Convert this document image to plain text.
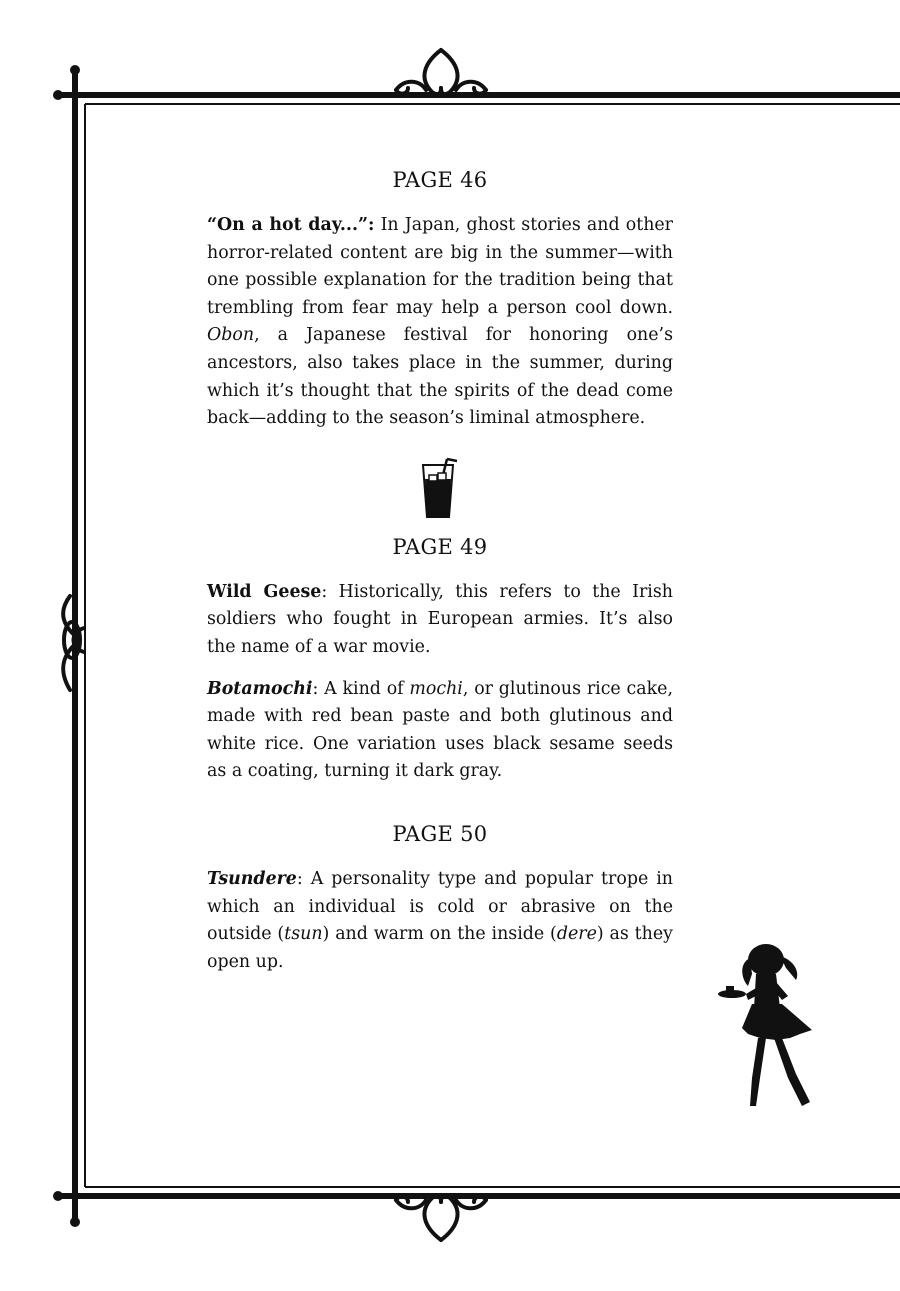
PAGE 46

“On a hot day...”: In Japan, ghost stories and other horror-related content are big in the summer—with one possible explanation for the tradition being that trembling from fear may help a person cool down. Obon, a Japanese festival for honoring one’s ancestors, also takes place in the summer, during which it’s thought that the spirits of the dead come back—adding to the season’s liminal atmosphere.

PAGE 49

Wild Geese: Historically, this refers to the Irish soldiers who fought in European armies. It’s also the name of a war movie.

Botamochi: A kind of mochi, or glutinous rice cake, made with red bean paste and both glutinous and white rice. One variation uses black sesame seeds as a coating, turning it dark gray.

PAGE 50

Tsundere: A personality type and popular trope in which an individual is cold or abrasive on the outside (tsun) and warm on the inside (dere) as they open up.
